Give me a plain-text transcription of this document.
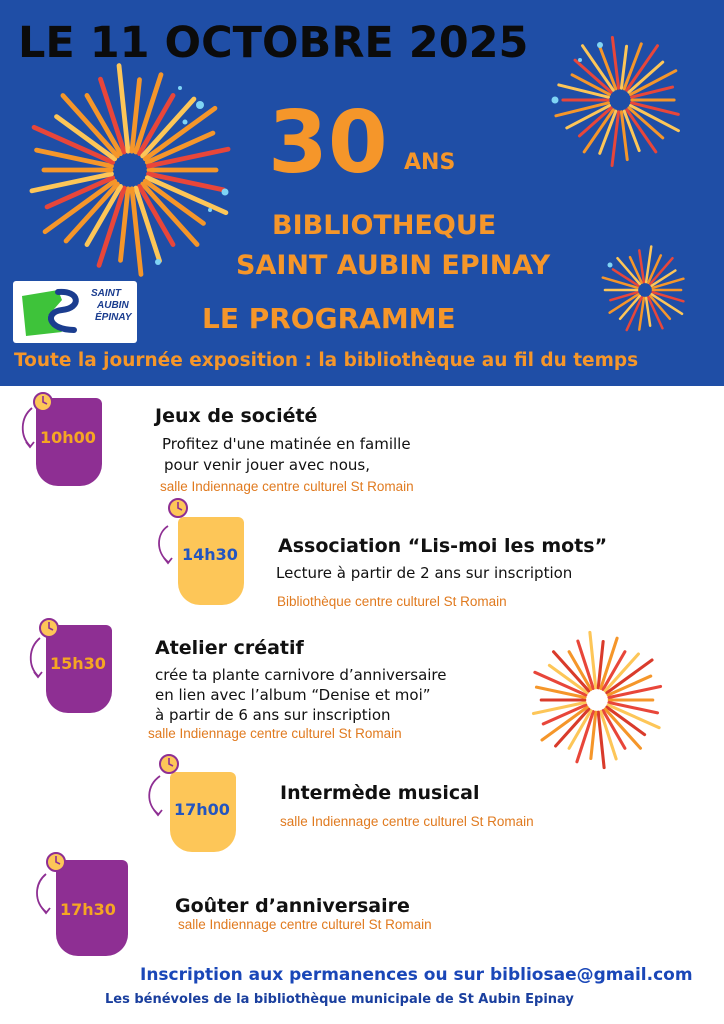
LE 11 OCTOBRE 2025
30 ANS
BIBLIOTHEQUE
SAINT AUBIN EPINAY
LE PROGRAMME
SAINT
AUBIN
ÉPINAY
Toute la journée exposition : la bibliothèque au fil du temps
10h00
Jeux de société
Profitez d'une matinée en famille
pour venir jouer avec nous,
salle Indiennage centre culturel St Romain
14h30 Association “Lis-moi les mots”
Lecture à partir de 2 ans sur inscription
Bibliothèque centre culturel St Romain
15h30
Atelier créatif
crée ta plante carnivore d’anniversaire
en lien avec l’album “Denise et moi”
à partir de 6 ans sur inscription
salle Indiennage centre culturel St Romain
17h00
Intermède musical
salle Indiennage centre culturel St Romain
17h30	Goûter d’anniversaire
salle Indiennage centre culturel St Romain
Inscription aux permanences ou sur bibliosae@gmail.com
Les bénévoles de la bibliothèque municipale de St Aubin Epinay
